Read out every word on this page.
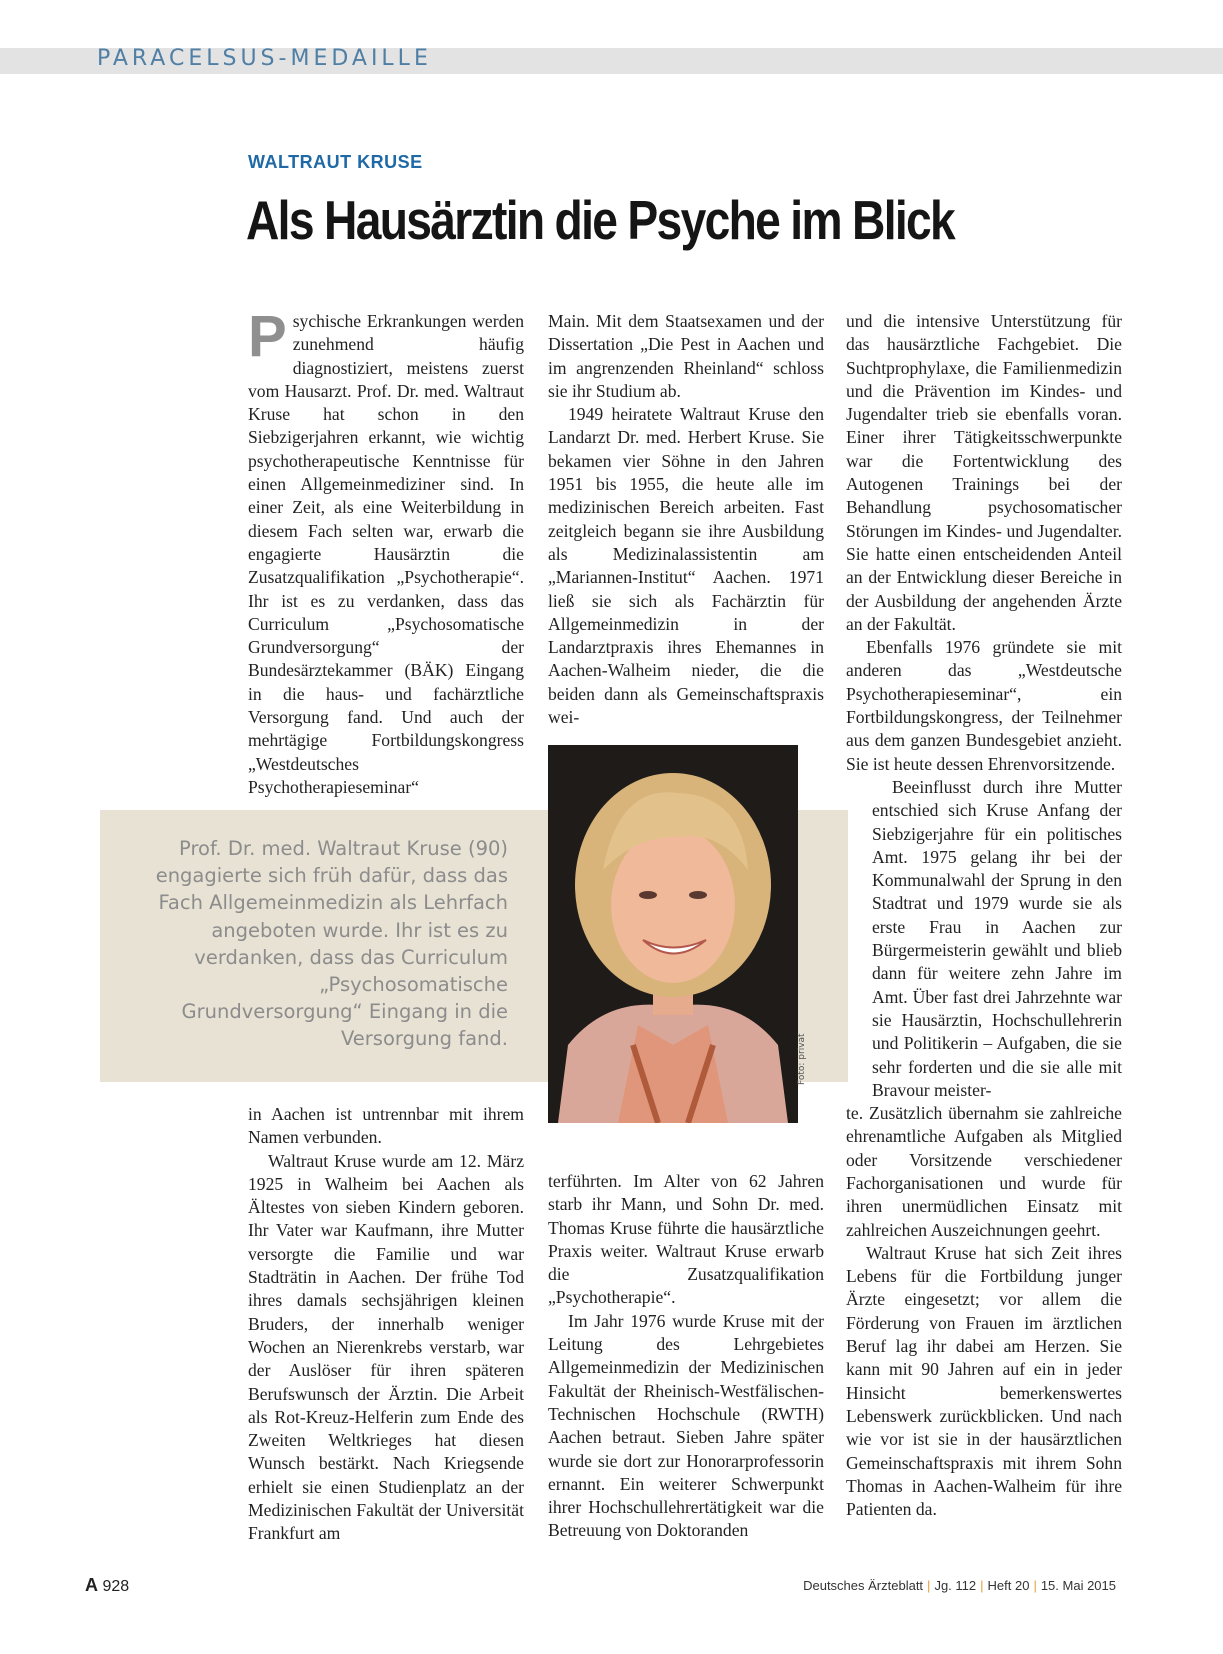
PARACELSUS-MEDAILLE
WALTRAUT KRUSE
Als Hausärztin die Psyche im Blick

Psychische Erkrankungen werden zunehmend häufig diagnostiziert, meistens zuerst vom Hausarzt. Prof. Dr. med. Waltraut Kruse hat schon in den Siebzigerjahren erkannt, wie wichtig psychotherapeutische Kenntnisse für einen Allgemeinmediziner sind. In einer Zeit, als eine Weiterbildung in diesem Fach selten war, erwarb die engagierte Hausärztin die Zusatzqualifikation „Psychotherapie“. Ihr ist es zu verdanken, dass das Curriculum „Psychosomatische Grundversorgung“ der Bundesärztekammer (BÄK) Eingang in die haus- und fachärztliche Versorgung fand. Und auch der mehrtägige Fortbildungskongress „Westdeutsches Psychotherapieseminar“

in Aachen ist untrennbar mit ihrem Namen verbunden.

Waltraut Kruse wurde am 12. März 1925 in Walheim bei Aachen als Ältestes von sieben Kindern geboren. Ihr Vater war Kaufmann, ihre Mutter versorgte die Familie und war Stadträtin in Aachen. Der frühe Tod ihres damals sechsjährigen kleinen Bruders, der innerhalb weniger Wochen an Nierenkrebs verstarb, war der Auslöser für ihren späteren Berufswunsch der Ärztin. Die Arbeit als Rot-Kreuz-Helferin zum Ende des Zweiten Weltkrieges hat diesen Wunsch bestärkt. Nach Kriegsende erhielt sie einen Studienplatz an der Medizinischen Fakultät der Universität Frankfurt am

Main. Mit dem Staatsexamen und der Dissertation „Die Pest in Aachen und im angrenzenden Rheinland“ schloss sie ihr Studium ab.

1949 heiratete Waltraut Kruse den Landarzt Dr. med. Herbert Kruse. Sie bekamen vier Söhne in den Jahren 1951 bis 1955, die heute alle im medizinischen Bereich arbeiten. Fast zeitgleich begann sie ihre Ausbildung als Medizinalassistentin am „Mariannen-Institut“ Aachen. 1971 ließ sie sich als Fachärztin für Allgemeinmedizin in der Landarztpraxis ihres Ehemannes in Aachen-Walheim nieder, die die beiden dann als Gemeinschaftspraxis wei-

terführten. Im Alter von 62 Jahren starb ihr Mann, und Sohn Dr. med. Thomas Kruse führte die hausärztliche Praxis weiter. Waltraut Kruse erwarb die Zusatzqualifikation „Psychotherapie“.

Im Jahr 1976 wurde Kruse mit der Leitung des Lehrgebietes Allgemeinmedizin der Medizinischen Fakultät der Rheinisch-Westfälischen-Technischen Hochschule (RWTH) Aachen betraut. Sieben Jahre später wurde sie dort zur Honorarprofessorin ernannt. Ein weiterer Schwerpunkt ihrer Hochschullehrertätigkeit war die Betreuung von Doktoranden

und die intensive Unterstützung für das hausärztliche Fachgebiet. Die Suchtprophylaxe, die Familienmedizin und die Prävention im Kindes- und Jugendalter trieb sie ebenfalls voran. Einer ihrer Tätigkeitsschwerpunkte war die Fortentwicklung des Autogenen Trainings bei der Behandlung psychosomatischer Störungen im Kindes- und Jugendalter. Sie hatte einen entscheidenden Anteil an der Entwicklung dieser Bereiche in der Ausbildung der angehenden Ärzte an der Fakultät.

Ebenfalls 1976 gründete sie mit anderen das „Westdeutsche Psychotherapieseminar“, ein Fortbildungskongress, der Teilnehmer aus dem ganzen Bundesgebiet anzieht. Sie ist heute dessen Ehrenvorsitzende.

Beeinflusst durch ihre Mutter entschied sich Kruse Anfang der Siebzigerjahre für ein politisches Amt. 1975 gelang ihr bei der Kommunalwahl der Sprung in den Stadtrat und 1979 wurde sie als erste Frau in Aachen zur Bürgermeisterin gewählt und blieb dann für weitere zehn Jahre im Amt. Über fast drei Jahrzehnte war sie Hausärztin, Hochschullehrerin und Politikerin – Aufgaben, die sie sehr forderten und die sie alle mit Bravour meister-

te. Zusätzlich übernahm sie zahlreiche ehrenamtliche Aufgaben als Mitglied oder Vorsitzende verschiedener Fachorganisationen und wurde für ihren unermüdlichen Einsatz mit zahlreichen Auszeichnungen geehrt.

Waltraut Kruse hat sich Zeit ihres Lebens für die Fortbildung junger Ärzte eingesetzt; vor allem die Förderung von Frauen im ärztlichen Beruf lag ihr dabei am Herzen. Sie kann mit 90 Jahren auf ein in jeder Hinsicht bemerkenswertes Lebenswerk zurückblicken. Und nach wie vor ist sie in der hausärztlichen Gemeinschaftspraxis mit ihrem Sohn Thomas in Aachen-Walheim für ihre Patienten da.

Prof. Dr. med. Waltraut Kruse (90) engagierte sich früh dafür, dass das Fach Allgemeinmedizin als Lehrfach angeboten wurde. Ihr ist es zu verdanken, dass das Curriculum „Psychosomatische Grundversorgung“ Eingang in die Versorgung fand.	Foto: privat
A 928	Deutsches Ärzteblatt | Jg. 112 | Heft 20 | 15. Mai 2015
